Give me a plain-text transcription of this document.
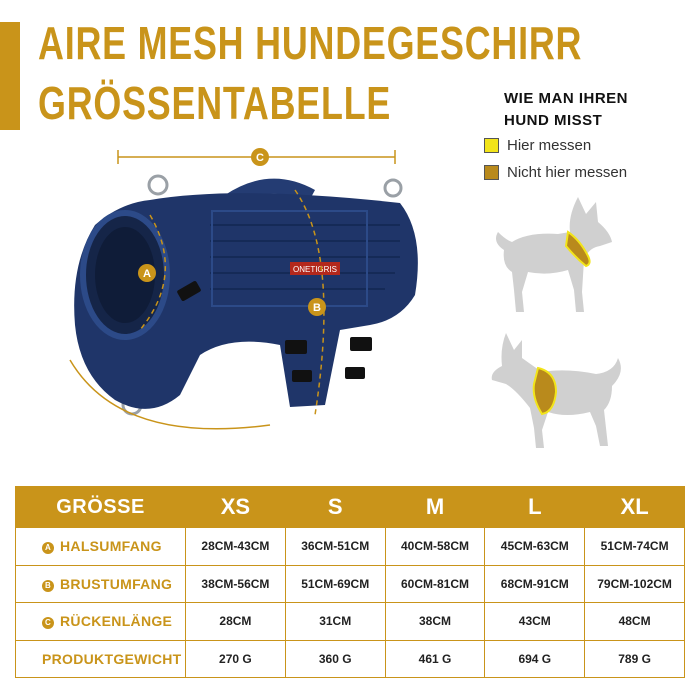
AIRE MESH HUNDEGESCHIRR
GRÖSSENTABELLE
ONETIGRIS
C
A
B
WIE MAN IHREN
HUND MISST
Hier messen
Nicht hier messen
GRÖSSE	XS	S	M	L	XL
A HALSUMFANG	28CM-43CM	36CM-51CM	40CM-58CM	45CM-63CM	51CM-74CM
B BRUSTUMFANG	38CM-56CM	51CM-69CM	60CM-81CM	68CM-91CM	79CM-102CM
C RÜCKENLÄNGE	28CM	31CM	38CM	43CM	48CM
PRODUKTGEWICHT	270 G	360 G	461 G	694 G	789 G
